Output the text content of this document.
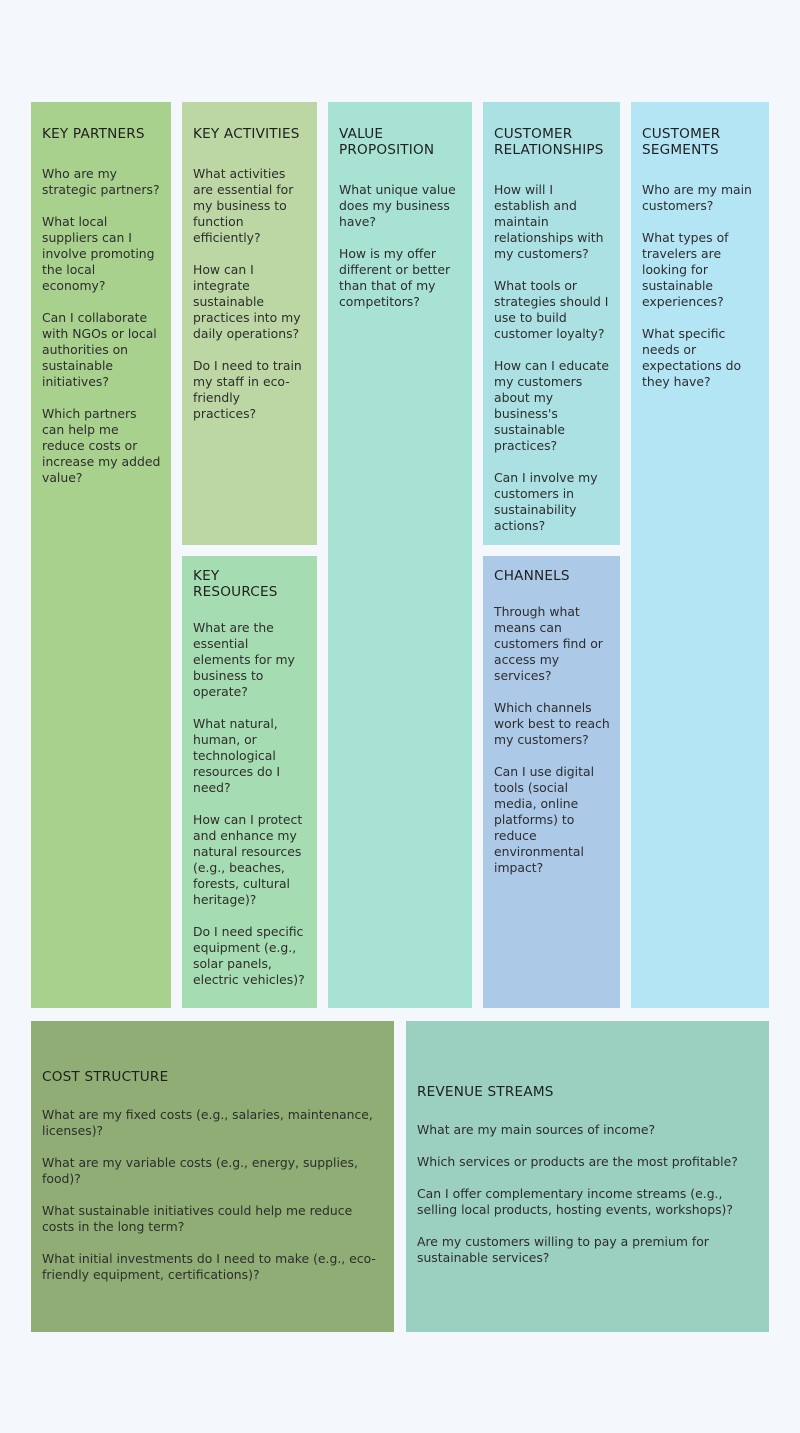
KEY PARTNERS

Who are my strategic partners?

What local suppliers can I involve promoting the local economy?

Can I collaborate with NGOs or local authorities on sustainable initiatives?

Which partners can help me reduce costs or increase my added value?

KEY ACTIVITIES

What activities are essential for my business to function efficiently?

How can I integrate sustainable practices into my daily operations?

Do I need to train my staff in eco-friendly practices?

KEY RESOURCES

What are the essential elements for my business to operate?

What natural, human, or technological resources do I need?

How can I protect and enhance my natural resources (e.g., beaches, forests, cultural heritage)?

Do I need specific equipment (e.g., solar panels, electric vehicles)?

VALUE PROPOSITION

What unique value does my business have?

How is my offer different or better than that of my competitors?

CUSTOMER RELATIONSHIPS

How will I establish and maintain relationships with my customers?

What tools or strategies should I use to build customer loyalty?

How can I educate my customers about my business's sustainable practices?

Can I involve my customers in sustainability actions?

CHANNELS

Through what means can customers find or access my services?

Which channels work best to reach my customers?

Can I use digital tools (social media, online platforms) to reduce environmental impact?

CUSTOMER SEGMENTS

Who are my main customers?

What types of travelers are looking for sustainable experiences?

What specific needs or expectations do they have?

COST STRUCTURE

What are my fixed costs (e.g., salaries, maintenance, licenses)?

What are my variable costs (e.g., energy, supplies, food)?

What sustainable initiatives could help me reduce costs in the long term?

What initial investments do I need to make (e.g., eco-friendly equipment, certifications)?

REVENUE STREAMS

What are my main sources of income?

Which services or products are the most profitable?

Can I offer complementary income streams (e.g., selling local products, hosting events, workshops)?

Are my customers willing to pay a premium for sustainable services?
